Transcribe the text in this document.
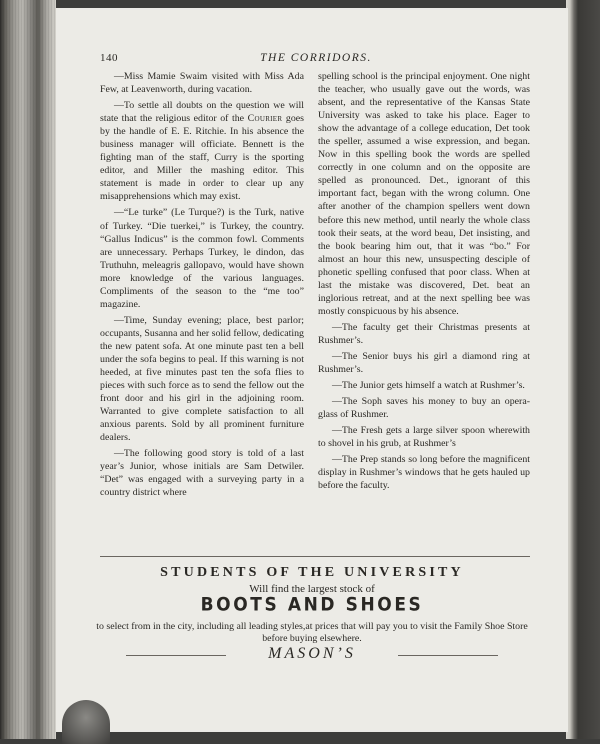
140	THE CORRIDORS.

—Miss Mamie Swaim visited with Miss Ada Few, at Leavenworth, during vacation.

—To settle all doubts on the question we will state that the religious editor of the Courier goes by the handle of E. E. Ritchie. In his absence the business manager will officiate. Bennett is the fighting man of the staff, Curry is the sporting editor, and Miller the mashing editor. This statement is made in order to clear up any misapprehensions which may exist.

—“Le turke” (Le Turque?) is the Turk, native of Turkey. “Die tuerkei,” is Turkey, the country. “Gallus Indicus” is the common fowl. Comments are unnecessary. Perhaps Turkey, le dindon, das Truthuhn, meleagris gallopavo, would have shown more knowledge of the various languages. Compliments of the season to the “me too” magazine.

—Time, Sunday evening; place, best parlor; occupants, Susanna and her solid fellow, dedicating the new patent sofa. At one minute past ten a bell under the sofa begins to peal. If this warning is not heeded, at five minutes past ten the sofa flies to pieces with such force as to send the fellow out the front door and his girl in the adjoining room. Warranted to give complete satisfaction to all anxious parents. Sold by all prominent furniture dealers.

—The following good story is told of a last year’s Junior, whose initials are Sam Detwiler. “Det” was engaged with a surveying party in a country district where

spelling school is the principal enjoyment. One night the teacher, who usually gave out the words, was absent, and the representative of the Kansas State University was asked to take his place. Eager to show the advantage of a college education, Det took the speller, assumed a wise expression, and began. Now in this spelling book the words are spelled correctly in one column and on the opposite are spelled as pronounced. Det., ignorant of this important fact, began with the wrong column. One after another of the champion spellers went down before this new method, until nearly the whole class took their seats, at the word beau, Det insisting, and the book bearing him out, that it was “bo.” For almost an hour this new, unsuspecting desciple of phonetic spelling confused that poor class. When at last the mistake was discovered, Det. beat an inglorious retreat, and at the next spelling bee was mostly conspicuous by his absence.

—The faculty get their Christmas presents at Rushmer’s.

—The Senior buys his girl a diamond ring at Rushmer’s.

—The Junior gets himself a watch at Rushmer’s.

—The Soph saves his money to buy an opera-glass of Rushmer.

—The Fresh gets a large silver spoon wherewith to shovel in his grub, at Rushmer’s

—The Prep stands so long before the magnificent display in Rushmer’s windows that he gets hauled up before the faculty.

STUDENTS OF THE UNIVERSITY
Will find the largest stock of
BOOTS AND SHOES
to select from in the city, including all leading styles,at prices that will pay you to visit the Family Shoe Store before buying elsewhere.
MASON’S
